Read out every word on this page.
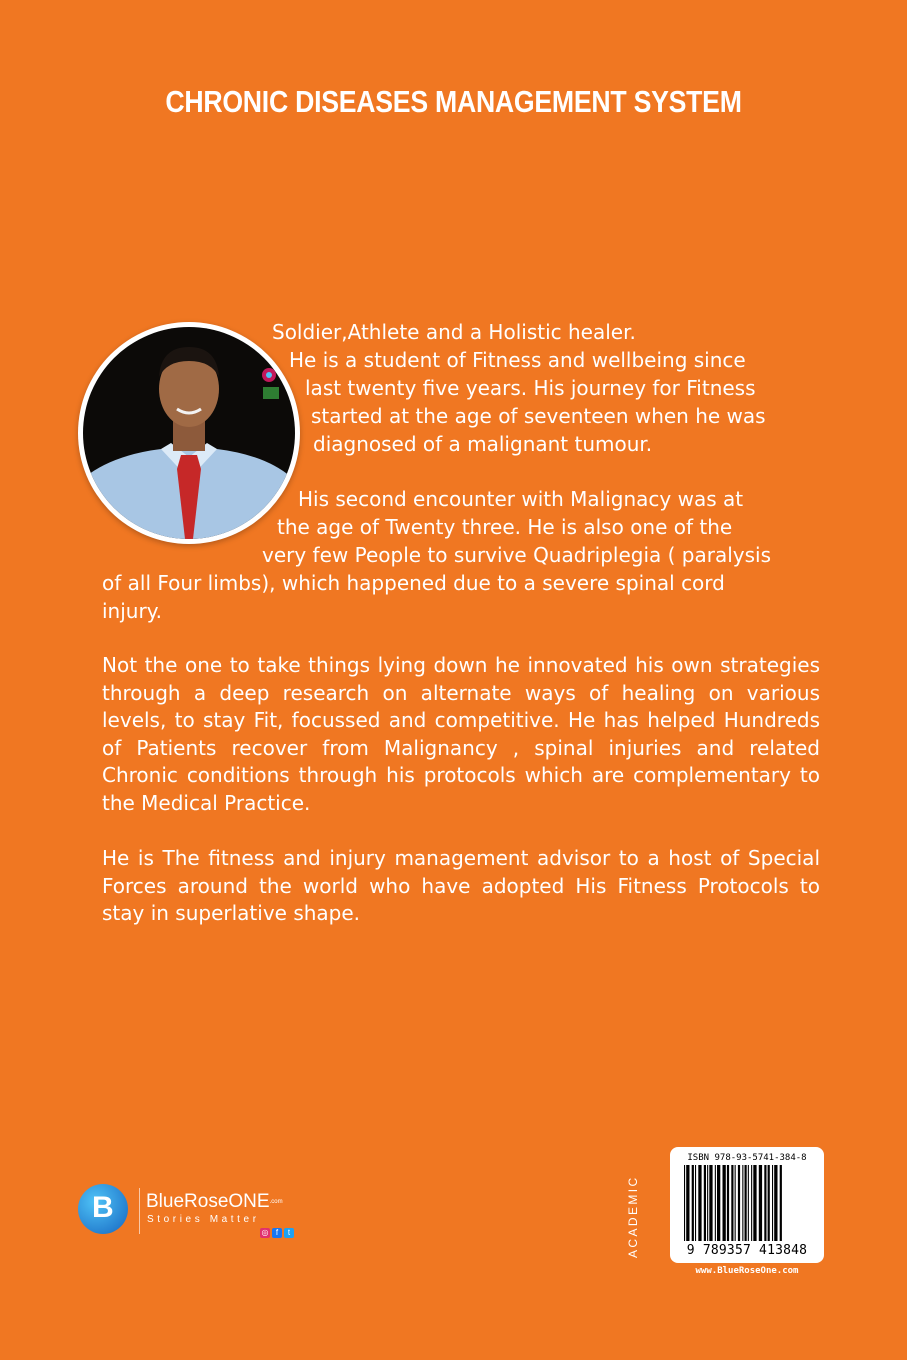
CHRONIC DISEASES MANAGEMENT SYSTEM
Soldier,Athlete and a Holistic healer.
He is a student of Fitness and wellbeing since
last twenty five years. His journey for Fitness
started at the age of seventeen when he was
diagnosed of a malignant tumour.
His second encounter with Malignacy was at
the age of Twenty three. He is also one of the
very few People to survive Quadriplegia ( paralysis
of all Four limbs), which happened due to a severe spinal cord
injury.
Not the one to take things lying down he innovated his own strategies through a deep research on alternate ways of healing on various levels, to stay Fit, focussed and competitive. He has helped Hundreds of Patients recover from Malignancy , spinal injuries and related Chronic conditions through his protocols which are complementary to the Medical Practice.
He is The fitness and injury management advisor to a host of Special Forces around the world who have adopted His Fitness Protocols to stay in superlative shape.
B BlueRoseONE$^{.com}$
Stories Matter
◎ f	t	ACADEMIC
ISBN 978-93-5741-384-8
9 789357 413848
www.BlueRoseOne.com
